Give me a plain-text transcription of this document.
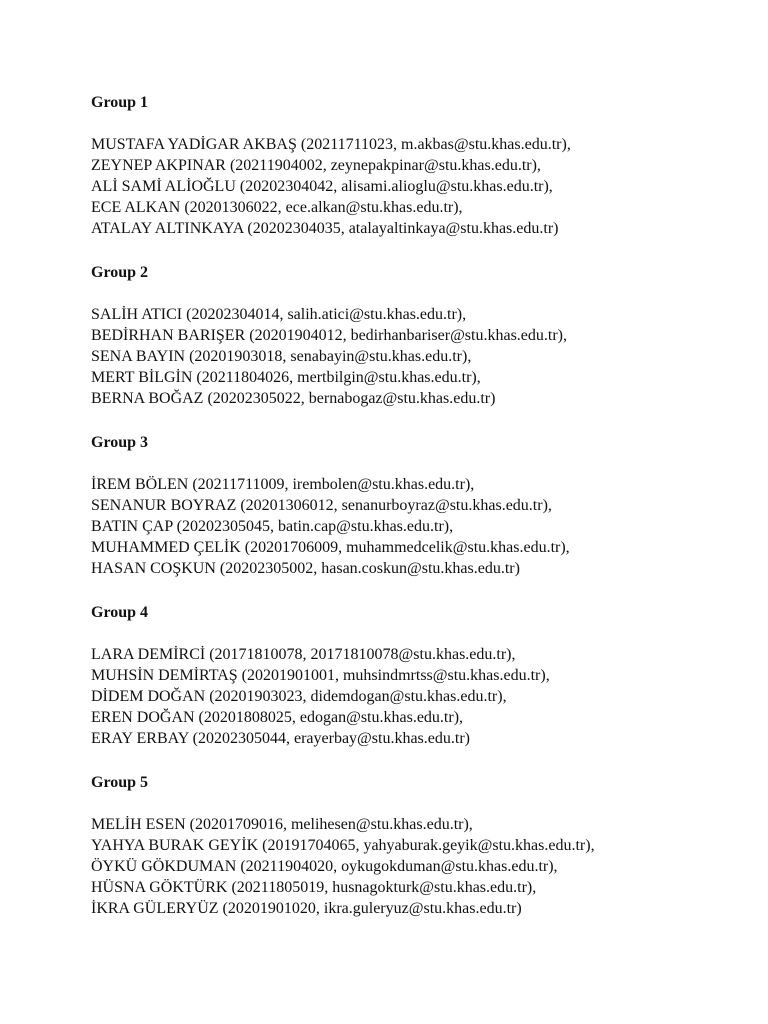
Group 1
MUSTAFA YADİGAR AKBAŞ (20211711023, m.akbas@stu.khas.edu.tr),
ZEYNEP AKPINAR (20211904002, zeynepakpinar@stu.khas.edu.tr),
ALİ SAMİ ALİOĞLU (20202304042, alisami.alioglu@stu.khas.edu.tr),
ECE ALKAN (20201306022, ece.alkan@stu.khas.edu.tr),
ATALAY ALTINKAYA (20202304035, atalayaltinkaya@stu.khas.edu.tr)
Group 2
SALİH ATICI (20202304014, salih.atici@stu.khas.edu.tr),
BEDİRHAN BARIŞER (20201904012, bedirhanbariser@stu.khas.edu.tr),
SENA BAYIN (20201903018, senabayin@stu.khas.edu.tr),
MERT BİLGİN (20211804026, mertbilgin@stu.khas.edu.tr),
BERNA BOĞAZ (20202305022, bernabogaz@stu.khas.edu.tr)
Group 3
İREM BÖLEN (20211711009, irembolen@stu.khas.edu.tr),
SENANUR BOYRAZ (20201306012, senanurboyraz@stu.khas.edu.tr),
BATIN ÇAP (20202305045, batin.cap@stu.khas.edu.tr),
MUHAMMED ÇELİK (20201706009, muhammedcelik@stu.khas.edu.tr),
HASAN COŞKUN (20202305002, hasan.coskun@stu.khas.edu.tr)
Group 4
LARA DEMİRCİ (20171810078, 20171810078@stu.khas.edu.tr),
MUHSİN DEMİRTAŞ (20201901001, muhsindmrtss@stu.khas.edu.tr),
DİDEM DOĞAN (20201903023, didemdogan@stu.khas.edu.tr),
EREN DOĞAN (20201808025, edogan@stu.khas.edu.tr),
ERAY ERBAY (20202305044, erayerbay@stu.khas.edu.tr)
Group 5
MELİH ESEN (20201709016, melihesen@stu.khas.edu.tr),
YAHYA BURAK GEYİK (20191704065, yahyaburak.geyik@stu.khas.edu.tr),
ÖYKÜ GÖKDUMAN (20211904020, oykugokduman@stu.khas.edu.tr),
HÜSNA GÖKTÜRK (20211805019, husnagokturk@stu.khas.edu.tr),
İKRA GÜLERYÜZ (20201901020, ikra.guleryuz@stu.khas.edu.tr)
